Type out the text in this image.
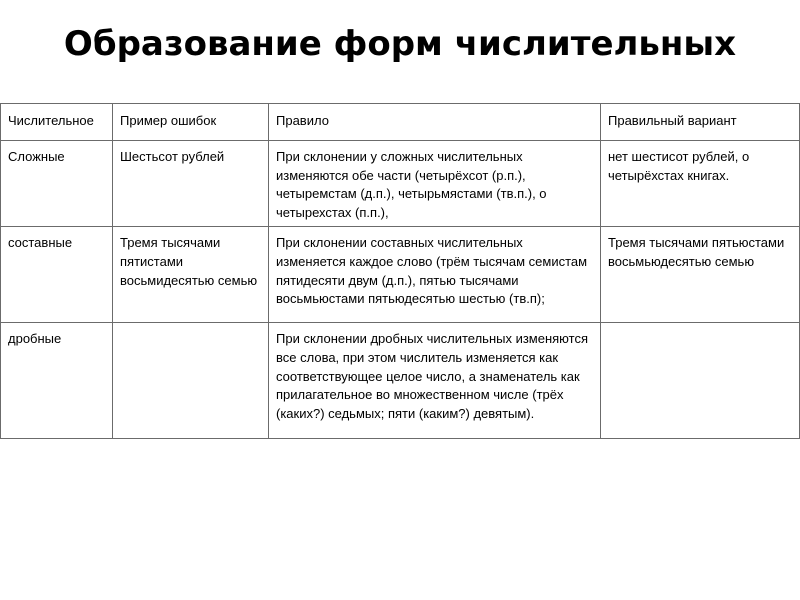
Образование форм числительных
Числительное	Пример ошибок	Правило	Правильный вариант
Сложные	Шестьсот рублей	При склонении у сложных числительных изменяются обе части (четырёхсот (р.п.), четыремстам (д.п.), четырьмястами (тв.п.), о четырехстах (п.п.),	нет шестисот рублей, о четырёхстах книгах.
составные	Тремя тысячами пятистами восьмидесятью семью	При склонении составных числительных изменяется каждое слово (трём тысячам семистам пятидесяти двум (д.п.), пятью тысячами восьмьюстами пятьюдесятью шестью (тв.п);	Тремя тысячами пятьюстами восьмьюдесятью семью
дробные		При склонении дробных числительных изменяются все слова, при этом числитель изменяется как соответствующее целое число, а знаменатель как прилагательное во множественном числе (трёх (каких?) седьмых; пяти (каким?) девятым).	
